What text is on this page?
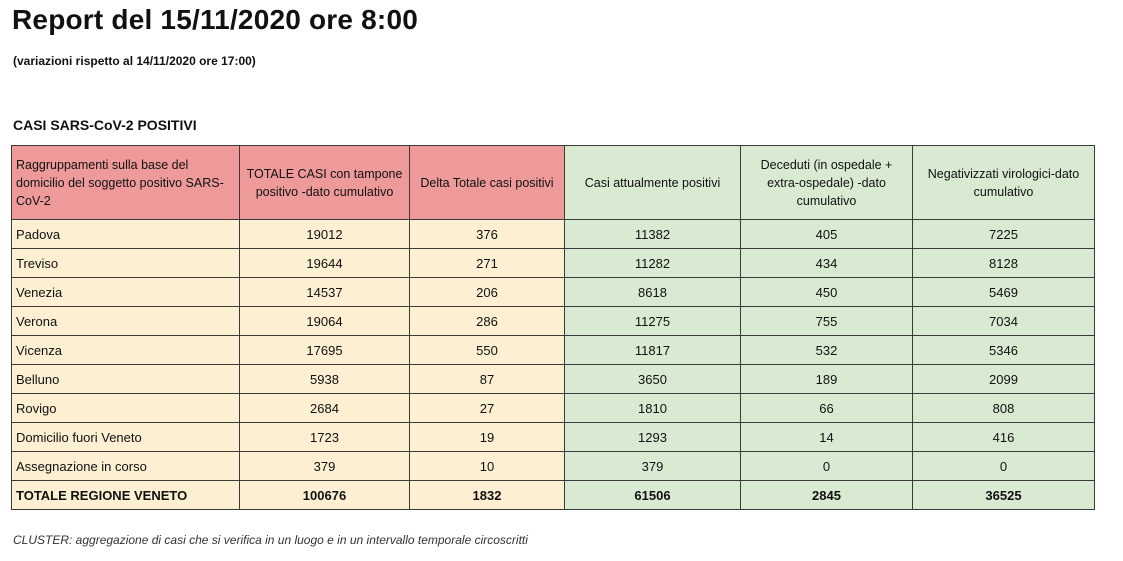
Report del 15/11/2020 ore 8:00
(variazioni rispetto al 14/11/2020 ore 17:00)
CASI SARS-CoV-2 POSITIVI
Raggruppamenti sulla base del domicilio del soggetto positivo SARS-CoV-2	TOTALE CASI con tampone positivo -dato cumulativo	Delta Totale casi positivi	Casi attualmente positivi	Deceduti (in ospedale + extra-ospedale) -dato cumulativo	Negativizzati virologici-dato cumulativo
Padova	19012	376	11382	405	7225
Treviso	19644	271	11282	434	8128
Venezia	14537	206	8618	450	5469
Verona	19064	286	11275	755	7034
Vicenza	17695	550	11817	532	5346
Belluno	5938	87	3650	189	2099
Rovigo	2684	27	1810	66	808
Domicilio fuori Veneto	1723	19	1293	14	416
Assegnazione in corso	379	10	379	0	0
TOTALE REGIONE VENETO	100676	1832	61506	2845	36525
CLUSTER: aggregazione di casi che si verifica in un luogo e in un intervallo temporale circoscritti
